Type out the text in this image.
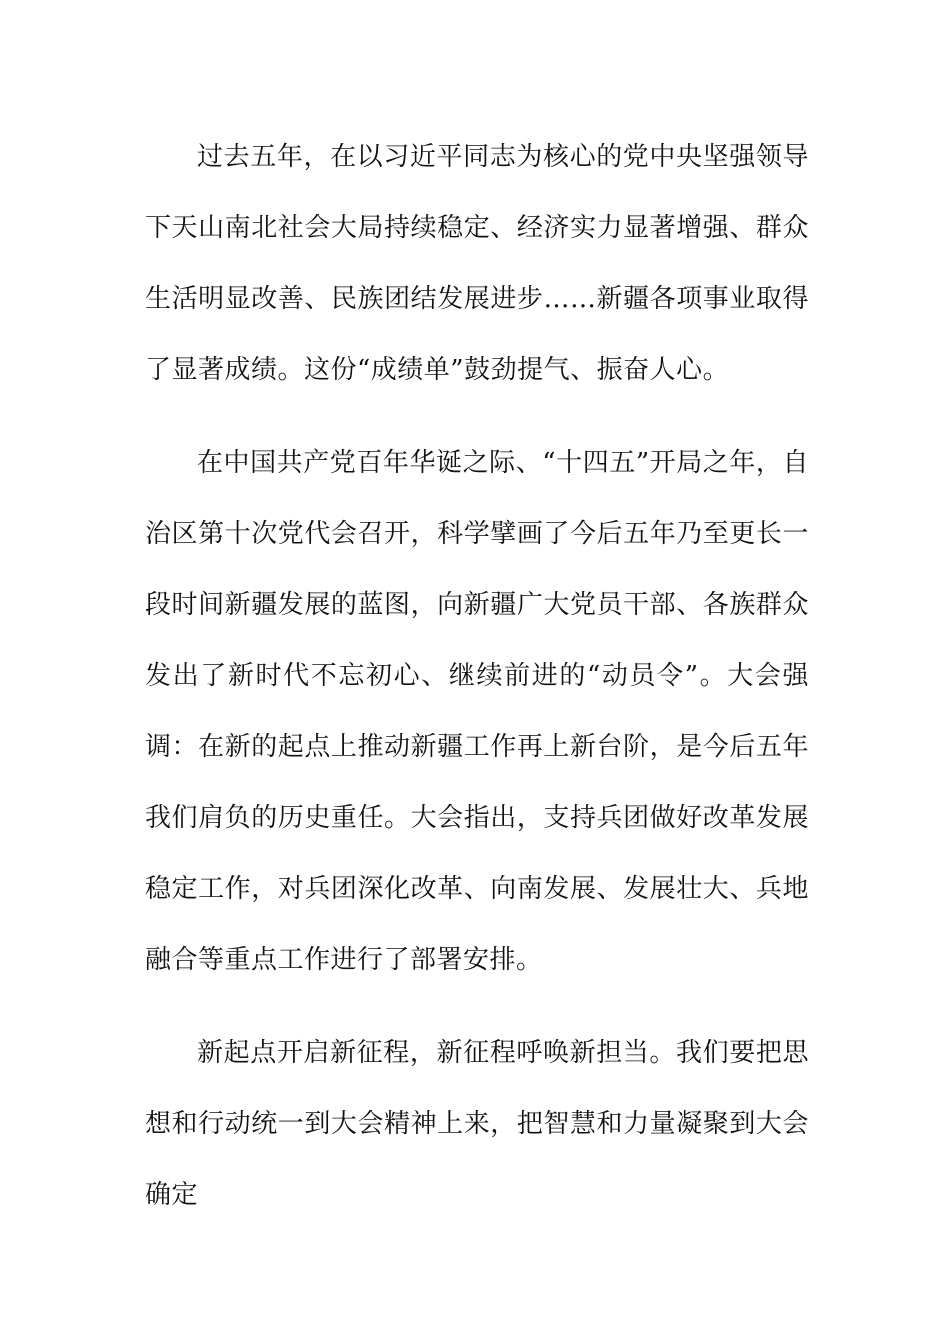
过去五年，在以习近平同志为核心的党中央坚强领导下天山南北社会大局持续稳定、经济实力显著增强、群众生活明显改善、民族团结发展进步……新疆各项事业取得了显著成绩。这份“成绩单”鼓劲提气、振奋人心。

在中国共产党百年华诞之际、“十四五”开局之年，自治区第十次党代会召开，科学擘画了今后五年乃至更长一段时间新疆发展的蓝图，向新疆广大党员干部、各族群众发出了新时代不忘初心、继续前进的“动员令”。大会强调：在新的起点上推动新疆工作再上新台阶，是今后五年我们肩负的历史重任。大会指出，支持兵团做好改革发展稳定工作，对兵团深化改革、向南发展、发展壮大、兵地融合等重点工作进行了部署安排。

新起点开启新征程，新征程呼唤新担当。我们要把思想和行动统一到大会精神上来，把智慧和力量凝聚到大会确定
